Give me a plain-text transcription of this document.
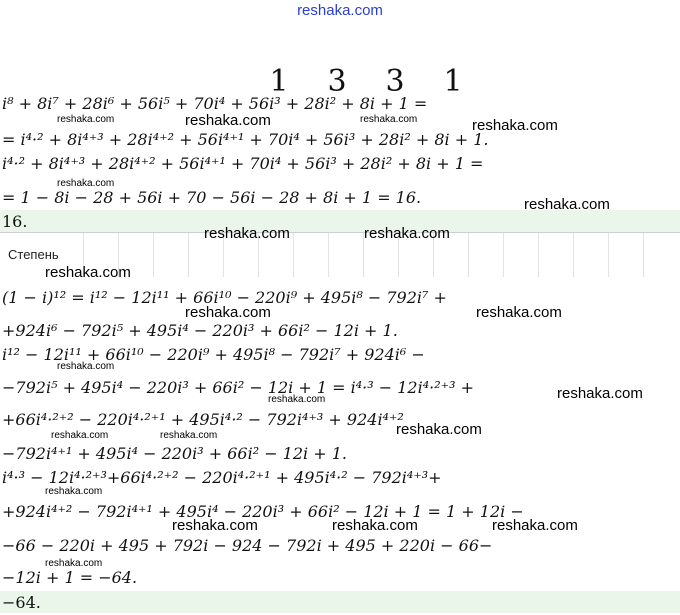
reshaka.com
1 3 3 1
i⁸ + 8i⁷ + 28i⁶ + 56i⁵ + 70i⁴ + 56i³ + 28i² + 8i + 1 =
= i⁴·² + 8i⁴⁺³ + 28i⁴⁺² + 56i⁴⁺¹ + 70i⁴ + 56i³ + 28i² + 8i + 1.
i⁴·² + 8i⁴⁺³ + 28i⁴⁺² + 56i⁴⁺¹ + 70i⁴ + 56i³ + 28i² + 8i + 1 =
= 1 − 8i − 28 + 56i + 70 − 56i − 28 + 8i + 1 = 16.
16.
Степень
(1 − i)¹² = i¹² − 12i¹¹ + 66i¹⁰ − 220i⁹ + 495i⁸ − 792i⁷ +
+924i⁶ − 792i⁵ + 495i⁴ − 220i³ + 66i² − 12i + 1.
i¹² − 12i¹¹ + 66i¹⁰ − 220i⁹ + 495i⁸ − 792i⁷ + 924i⁶ −
−792i⁵ + 495i⁴ − 220i³ + 66i² − 12i + 1 = i⁴·³ − 12i⁴·²⁺³ +
+66i⁴·²⁺² − 220i⁴·²⁺¹ + 495i⁴·² − 792i⁴⁺³ + 924i⁴⁺²
−792i⁴⁺¹ + 495i⁴ − 220i³ + 66i² − 12i + 1.
i⁴·³ − 12i⁴·²⁺³+66i⁴·²⁺² − 220i⁴·²⁺¹ + 495i⁴·² − 792i⁴⁺³+
+924i⁴⁺² − 792i⁴⁺¹ + 495i⁴ − 220i³ + 66i² − 12i + 1 = 1 + 12i −
−66 − 220i + 495 + 792i − 924 − 792i + 495 + 220i − 66−
−12i + 1 = −64.
−64.
reshaka.com	reshaka.com	reshaka.com	reshaka.com
reshaka.com
reshaka.com
reshaka.com	reshaka.com
reshaka.com
reshaka.com	reshaka.com
reshaka.com
reshaka.com	reshaka.com
reshaka.com
reshaka.com	reshaka.com
reshaka.com
reshaka.com	reshaka.com	reshaka.com
reshaka.com
